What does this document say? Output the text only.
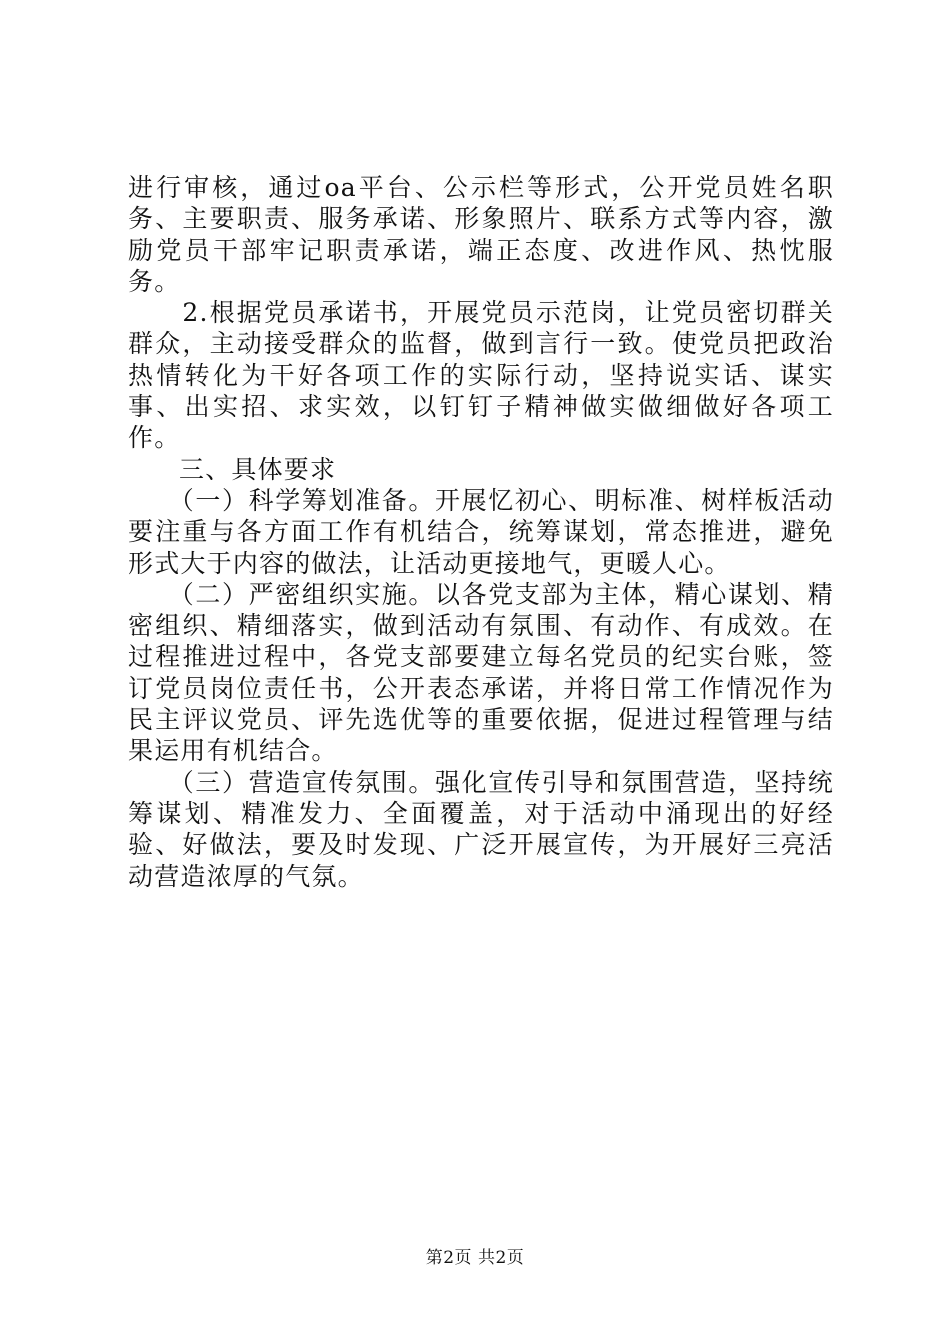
进行审核，通过oa平台、公示栏等形式，公开党员姓名职务、主要职责、服务承诺、形象照片、联系方式等内容，激励党员干部牢记职责承诺，端正态度、改进作风、热忱服务。

　　2.根据党员承诺书，开展党员示范岗，让党员密切群关群众，主动接受群众的监督，做到言行一致。使党员把政治热情转化为干好各项工作的实际行动，坚持说实话、谋实事、出实招、求实效，以钉钉子精神做实做细做好各项工作。

三、具体要求

　　（一）科学筹划准备。开展忆初心、明标准、树样板活动要注重与各方面工作有机结合，统筹谋划，常态推进，避免形式大于内容的做法，让活动更接地气，更暖人心。

　　（二）严密组织实施。以各党支部为主体，精心谋划、精密组织、精细落实，做到活动有氛围、有动作、有成效。在过程推进过程中，各党支部要建立每名党员的纪实台账，签订党员岗位责任书，公开表态承诺，并将日常工作情况作为民主评议党员、评先选优等的重要依据，促进过程管理与结果运用有机结合。

　　（三）营造宣传氛围。强化宣传引导和氛围营造，坚持统筹谋划、精准发力、全面覆盖，对于活动中涌现出的好经验、好做法，要及时发现、广泛开展宣传，为开展好三亮活动营造浓厚的气氛。

第2页 共2页
